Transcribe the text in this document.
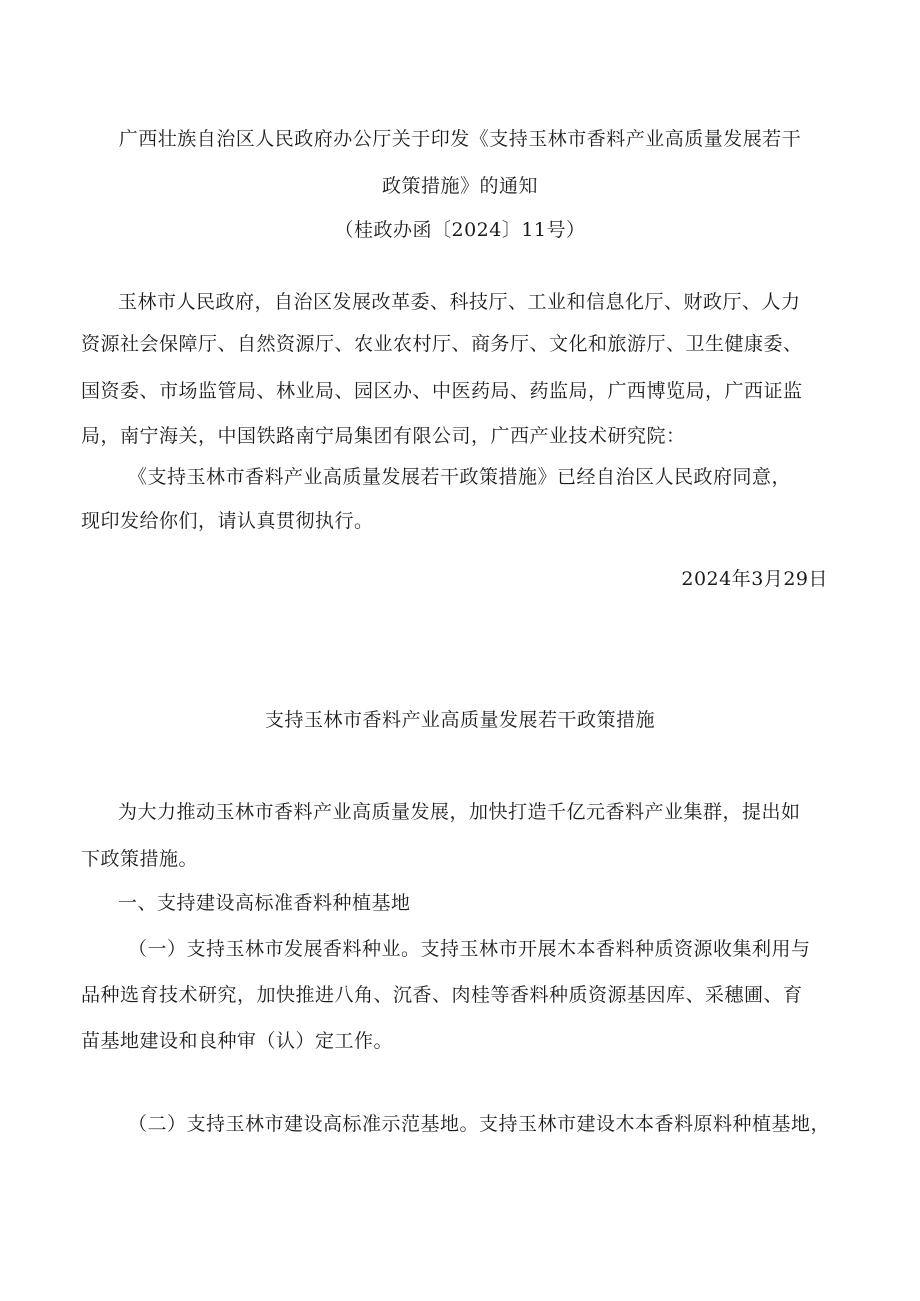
广西壮族自治区人民政府办公厅关于印发《支持玉林市香料产业高质量发展若干
政策措施》的通知
（桂政办函〔2024〕11号）
玉林市人民政府，自治区发展改革委、科技厅、工业和信息化厅、财政厅、人力
资源社会保障厅、自然资源厅、农业农村厅、商务厅、文化和旅游厅、卫生健康委、
国资委、市场监管局、林业局、园区办、中医药局、药监局，广西博览局，广西证监
局，南宁海关，中国铁路南宁局集团有限公司，广西产业技术研究院：
《支持玉林市香料产业高质量发展若干政策措施》已经自治区人民政府同意，
现印发给你们，请认真贯彻执行。
2024年3月29日
支持玉林市香料产业高质量发展若干政策措施
为大力推动玉林市香料产业高质量发展，加快打造千亿元香料产业集群，提出如
下政策措施。
一、支持建设高标准香料种植基地
（一）支持玉林市发展香料种业。支持玉林市开展木本香料种质资源收集利用与
品种选育技术研究，加快推进八角、沉香、肉桂等香料种质资源基因库、采穗圃、育
苗基地建设和良种审（认）定工作。
（二）支持玉林市建设高标准示范基地。支持玉林市建设木本香料原料种植基地，
